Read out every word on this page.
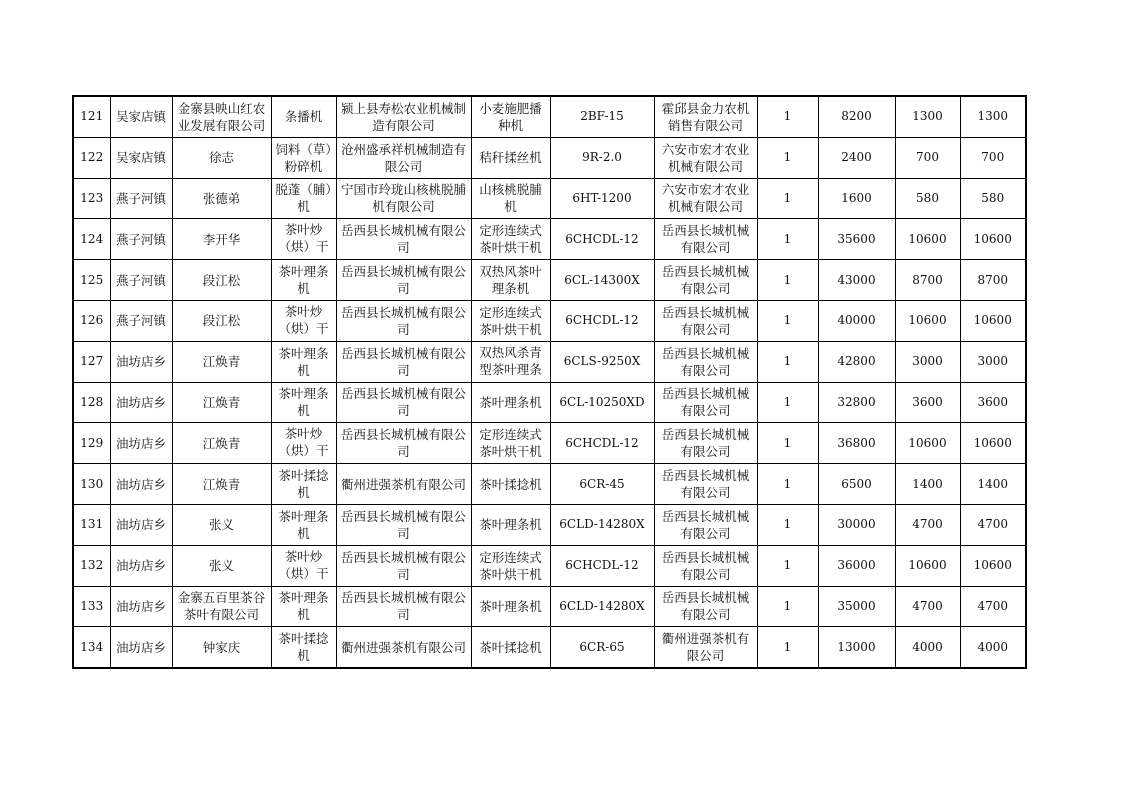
121	吴家店镇	金寨县映山红农业发展有限公司	条播机	颍上县寿松农业机械制造有限公司	小麦施肥播种机	2BF-15	霍邱县金力农机销售有限公司	1	8200	1300	1300

122	吴家店镇	徐志	饲料（草）粉碎机	沧州盛承祥机械制造有限公司	秸秆揉丝机	9R-2.0	六安市宏才农业机械有限公司	1	2400	700	700

123	燕子河镇	张德弟	脱蓬（脯）机	宁国市玲珑山核桃脱脯机有限公司	山核桃脱脯机	6HT-1200	六安市宏才农业机械有限公司	1	1600	580	580

124	燕子河镇	李开华	茶叶炒（烘）干	岳西县长城机械有限公司	定形连续式茶叶烘干机	6CHCDL-12	岳西县长城机械有限公司	1	35600	10600	10600

125	燕子河镇	段江松	茶叶理条机	岳西县长城机械有限公司	双热风茶叶理条机	6CL-14300X	岳西县长城机械有限公司	1	43000	8700	8700

126	燕子河镇	段江松	茶叶炒（烘）干	岳西县长城机械有限公司	定形连续式茶叶烘干机	6CHCDL-12	岳西县长城机械有限公司	1	40000	10600	10600

127	油坊店乡	江焕青	茶叶理条机	岳西县长城机械有限公司	双热风杀青型茶叶理条	6CLS-9250X	岳西县长城机械有限公司	1	42800	3000	3000

128	油坊店乡	江焕青	茶叶理条机	岳西县长城机械有限公司	茶叶理条机	6CL-10250XD	岳西县长城机械有限公司	1	32800	3600	3600

129	油坊店乡	江焕青	茶叶炒（烘）干	岳西县长城机械有限公司	定形连续式茶叶烘干机	6CHCDL-12	岳西县长城机械有限公司	1	36800	10600	10600

130	油坊店乡	江焕青	茶叶揉捻机	衢州进强茶机有限公司	茶叶揉捻机	6CR-45	岳西县长城机械有限公司	1	6500	1400	1400

131	油坊店乡	张义	茶叶理条机	岳西县长城机械有限公司	茶叶理条机	6CLD-14280X	岳西县长城机械有限公司	1	30000	4700	4700

132	油坊店乡	张义	茶叶炒（烘）干	岳西县长城机械有限公司	定形连续式茶叶烘干机	6CHCDL-12	岳西县长城机械有限公司	1	36000	10600	10600

133	油坊店乡	金寨五百里茶谷茶叶有限公司	茶叶理条机	岳西县长城机械有限公司	茶叶理条机	6CLD-14280X	岳西县长城机械有限公司	1	35000	4700	4700

134	油坊店乡	钟家庆	茶叶揉捻机	衢州进强茶机有限公司	茶叶揉捻机	6CR-65	衢州进强茶机有限公司	1	13000	4000	4000
